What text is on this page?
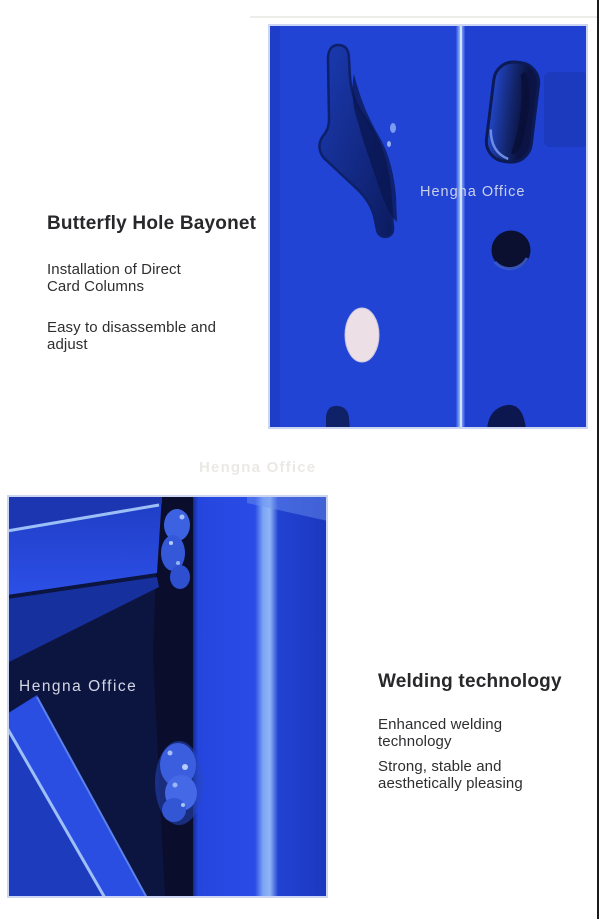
Butterfly Hole Bayonet

Installation of Direct Card Columns

Easy to disassemble and adjust

Hengna Office
Hengna Office
Hengna Office	Welding technology

Enhanced welding technology

Strong, stable and aesthetically pleasing
